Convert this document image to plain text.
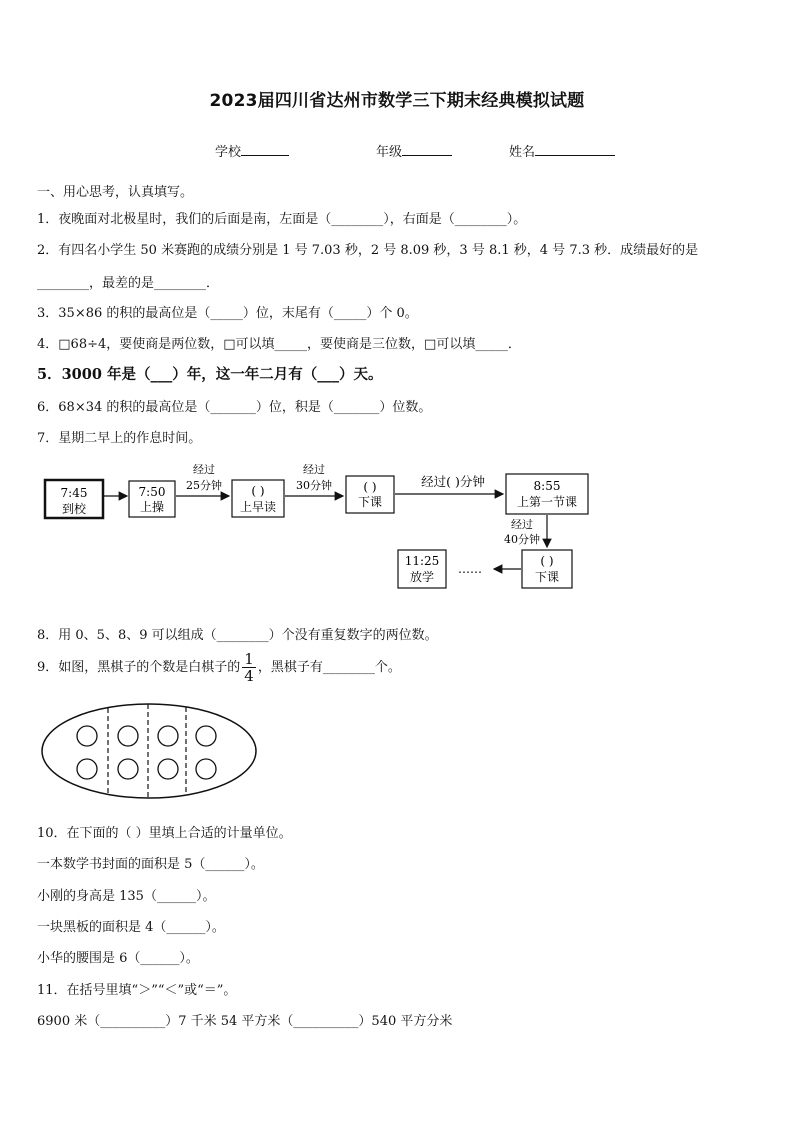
2023届四川省达州市数学三下期末经典模拟试题
学校	年级	姓名
一、用心思考，认真填写。
1．夜晚面对北极星时，我们的后面是南，左面是（________），右面是（________）。
2．有四名小学生 50 米赛跑的成绩分别是 1 号 7.03 秒，2 号 8.09 秒，3 号 8.1 秒，4 号 7.3 秒．成绩最好的是
________，最差的是________．
3．35×86 的积的最高位是（_____）位，末尾有（_____）个 0。
4．□68÷4，要使商是两位数，□可以填_____，要使商是三位数，□可以填_____．
5．3000 年是（___）年，这一年二月有（___）天。
6．68×34 的积的最高位是（_______）位，积是（_______）位数。
7．星期二早上的作息时间。
7:45
到校
7:50
上操
经过
25分钟 ( )
上早读
经过
30分钟	( )
下课
经过( )分钟	8:55
上第一节课
经过
40分钟
( )
下课
……
11:25
放学
8．用 0、5、8、9 可以组成（________）个没有重复数字的两位数。
9．如图，黑棋子的个数是白棋子的 $\frac{1}{4}$ ，黑棋子有________个。
10．在下面的（ ）里填上合适的计量单位。
一本数学书封面的面积是 5（______）。
小刚的身高是 135（______）。
一块黑板的面积是 4（______）。
小华的腰围是 6（______）。
11．在括号里填“＞”“＜”或“＝”。
6900 米（__________）7 千米 54 平方米（__________）540 平方分米
